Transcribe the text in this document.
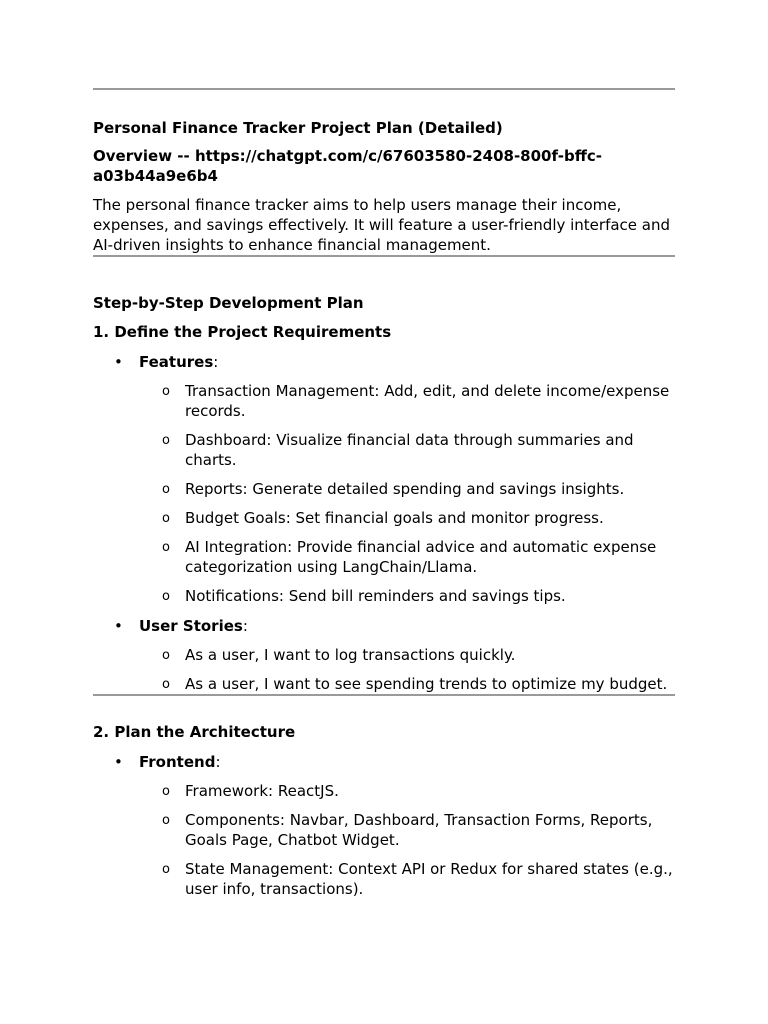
Personal Finance Tracker Project Plan (Detailed)

Overview -- https://chatgpt.com/c/67603580-2408-800f-bffc-a03b44a9e6b4

The personal finance tracker aims to help users manage their income, expenses, and savings effectively. It will feature a user-friendly interface and AI-driven insights to enhance financial management.

Step-by-Step Development Plan

1. Define the Project Requirements

• Features:
o Transaction Management: Add, edit, and delete income/expense records.
o Dashboard: Visualize financial data through summaries and charts.
o Reports: Generate detailed spending and savings insights.
o Budget Goals: Set financial goals and monitor progress.
o AI Integration: Provide financial advice and automatic expense categorization using LangChain/Llama.
o Notifications: Send bill reminders and savings tips.
• User Stories:
o As a user, I want to log transactions quickly.
o As a user, I want to see spending trends to optimize my budget.

2. Plan the Architecture

• Frontend:
o Framework: ReactJS.
o Components: Navbar, Dashboard, Transaction Forms, Reports, Goals Page, Chatbot Widget.
o State Management: Context API or Redux for shared states (e.g., user info, transactions).
